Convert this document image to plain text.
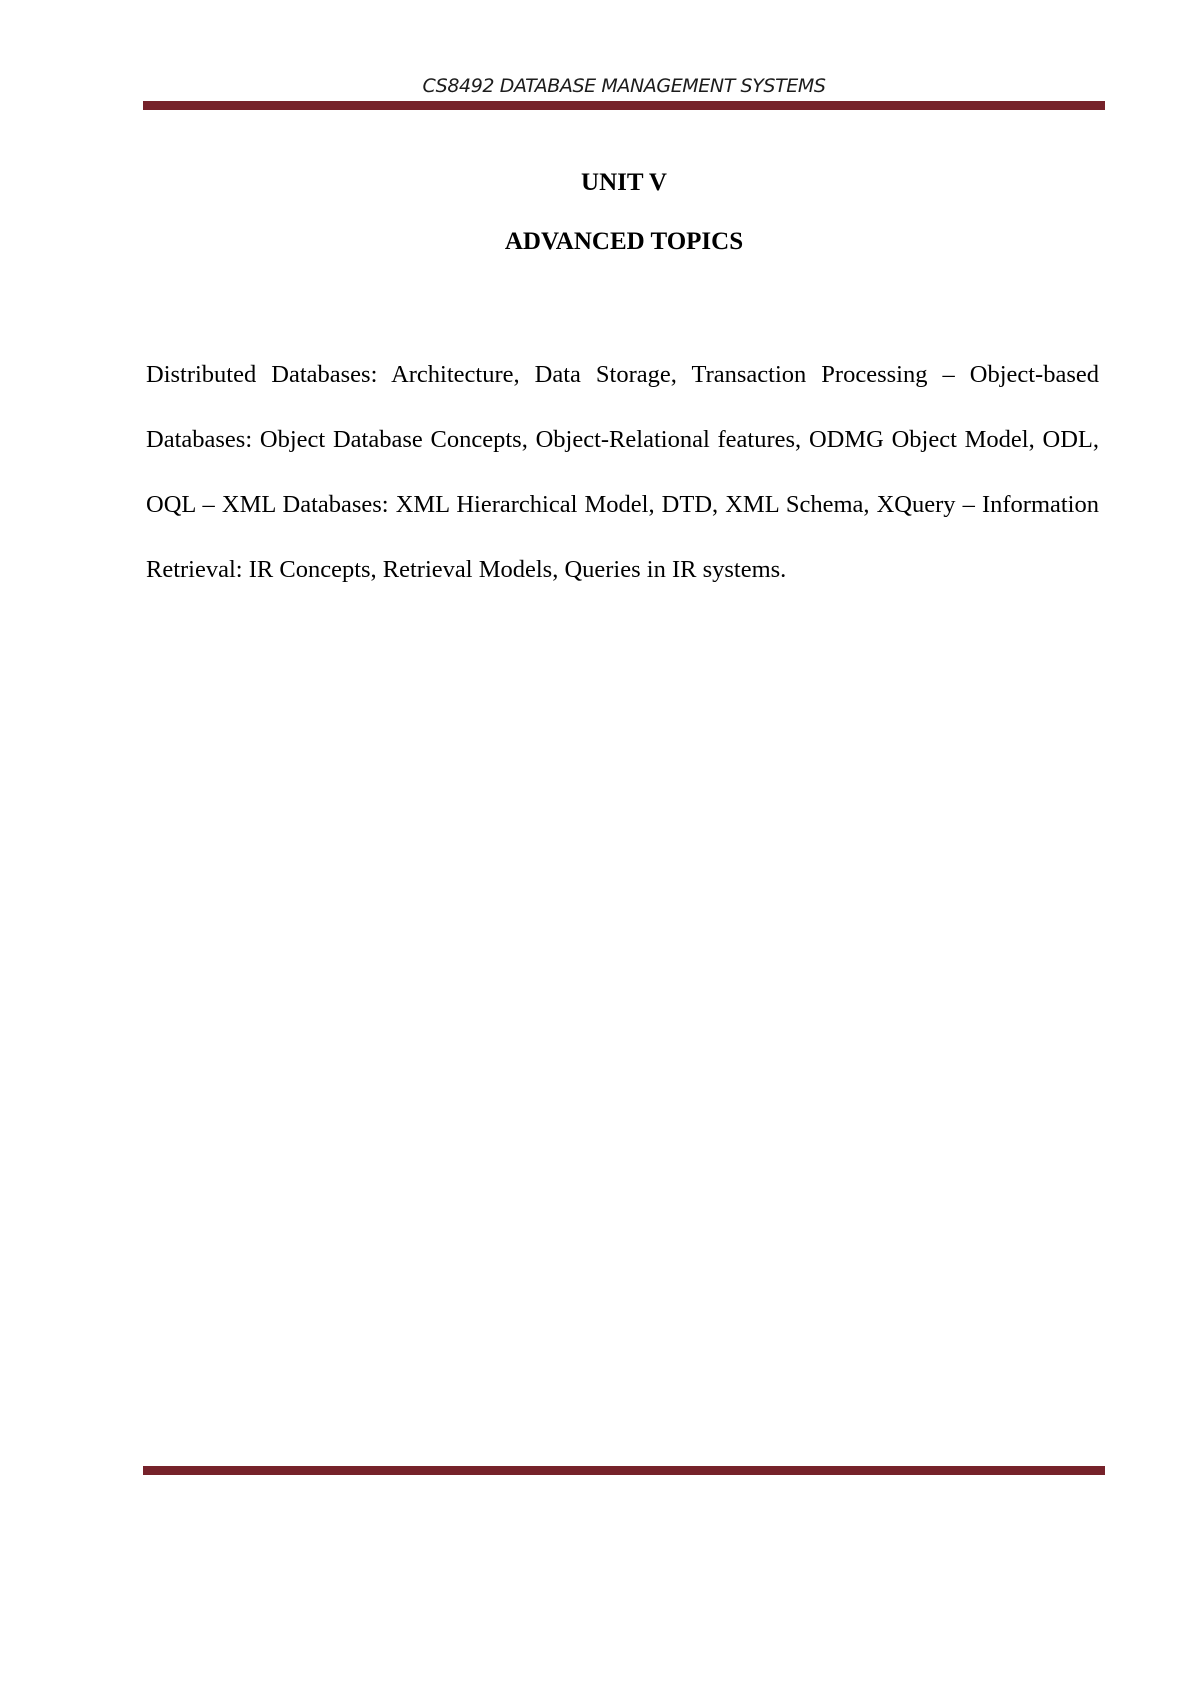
CS8492 DATABASE MANAGEMENT SYSTEMS
UNIT V
ADVANCED TOPICS

Distributed Databases: Architecture, Data Storage, Transaction Processing – Object-based Databases: Object Database Concepts, Object-Relational features, ODMG Object Model, ODL, OQL – XML Databases: XML Hierarchical Model, DTD, XML Schema, XQuery – Information Retrieval: IR Concepts, Retrieval Models, Queries in IR systems.
